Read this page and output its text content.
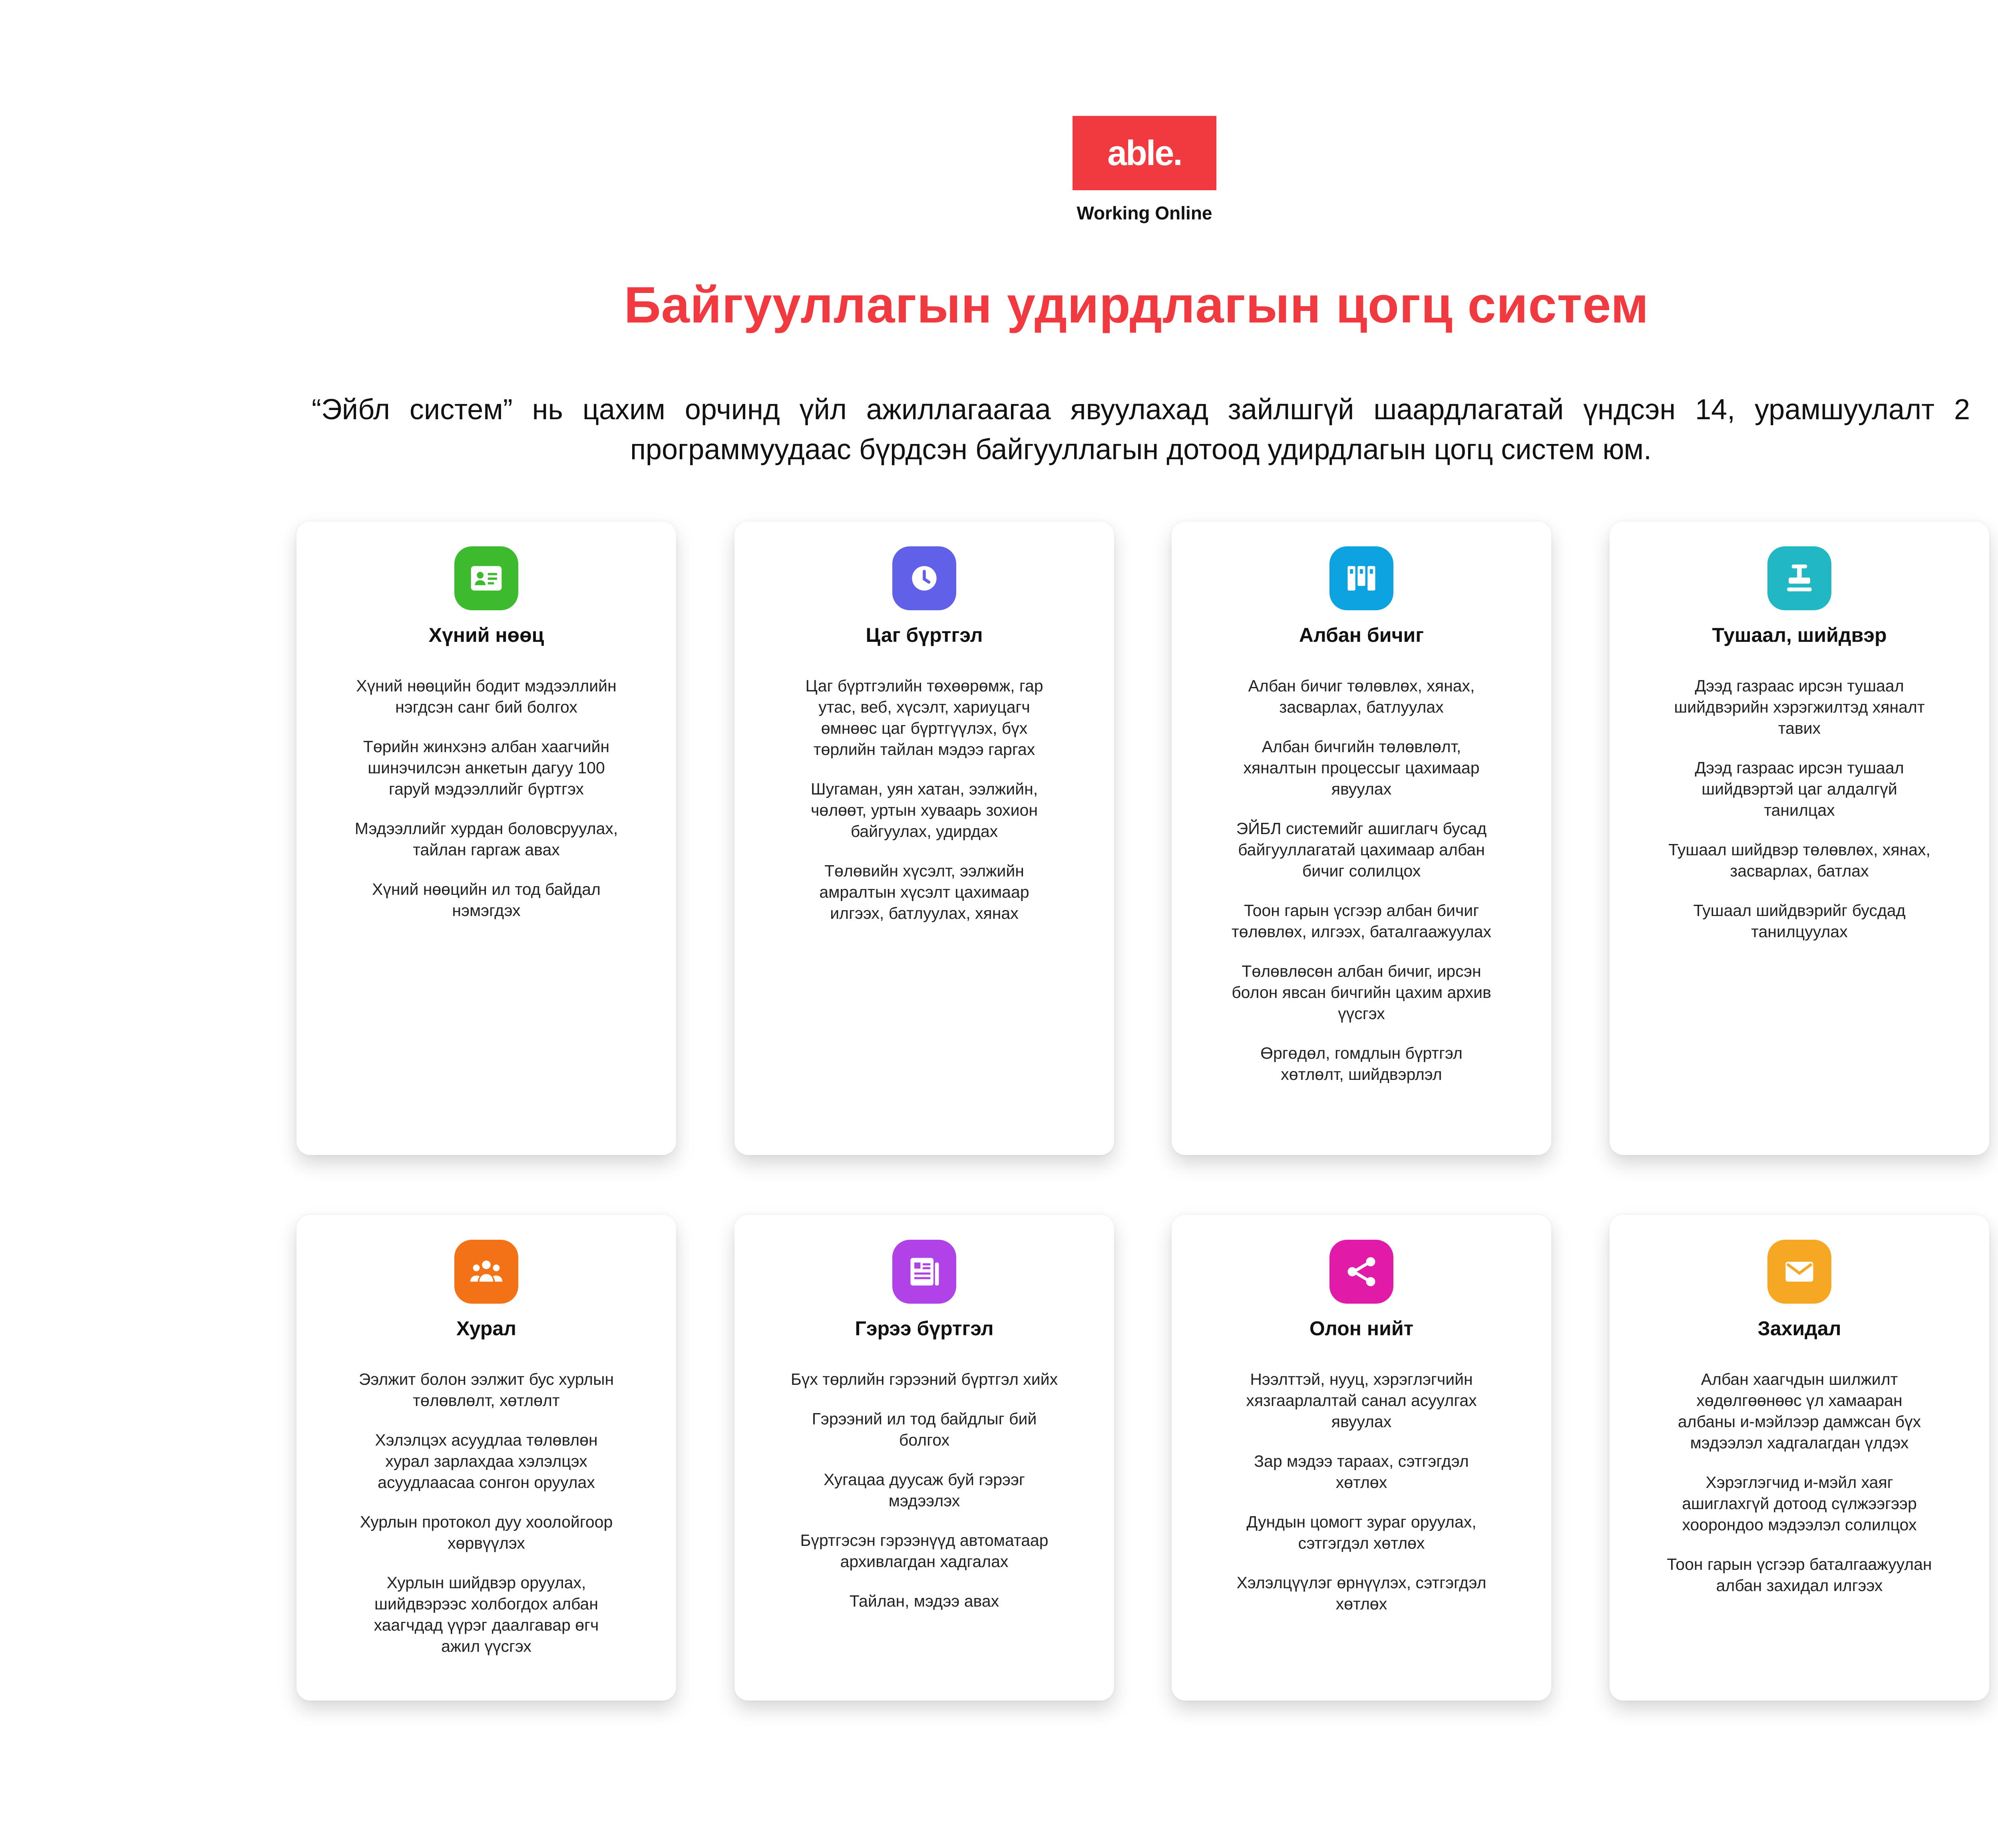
able.
Working Online
Байгууллагын удирдлагын цогц систем
“Эйбл систем” нь цахим орчинд үйл ажиллагаагаа явуулахад зайлшгүй шаардлагатай үндсэн 14, урамшуулалт 2 программуудаас бүрдсэн байгууллагын дотоод удирдлагын цогц систем юм.
Хүний нөөц
Хүний нөөцийн бодит мэдээллийн нэгдсэн санг бий болгох
Төрийн жинхэнэ албан хаагчийн шинэчилсэн анкетын дагуу 100 гаруй мэдээллийг бүртгэх
Мэдээллийг хурдан боловсруулах, тайлан гаргаж авах
Хүний нөөцийн ил тод байдал нэмэгдэх
Цаг бүртгэл
Цаг бүртгэлийн төхөөрөмж, гар утас, веб, хүсэлт, хариуцагч өмнөөс цаг бүртгүүлэх, бүх төрлийн тайлан мэдээ гаргах
Шугаман, уян хатан, ээлжийн, чөлөөт, уртын хуваарь зохион байгуулах, удирдах
Төлөвийн хүсэлт, ээлжийн амралтын хүсэлт цахимаар илгээх, батлуулах, хянах
Албан бичиг
Албан бичиг төлөвлөх, хянах, засварлах, батлуулах
Албан бичгийн төлөвлөлт, хяналтын процессыг цахимаар явуулах
ЭЙБЛ системийг ашиглагч бусад байгууллагатай цахимаар албан бичиг солилцох
Тоон гарын үсгээр албан бичиг төлөвлөх, илгээх, баталгаажуулах
Төлөвлөсөн албан бичиг, ирсэн болон явсан бичгийн цахим архив үүсгэх
Өргөдөл, гомдлын бүртгэл хөтлөлт, шийдвэрлэл
Тушаал, шийдвэр
Дээд газраас ирсэн тушаал шийдвэрийн хэрэгжилтэд хяналт тавих
Дээд газраас ирсэн тушаал шийдвэртэй цаг алдалгүй танилцах
Тушаал шийдвэр төлөвлөх, хянах, засварлах, батлах
Тушаал шийдвэрийг бусдад танилцуулах
Хурал
Ээлжит болон ээлжит бус хурлын төлөвлөлт, хөтлөлт
Хэлэлцэх асуудлаа төлөвлөн хурал зарлахдаа хэлэлцэх асуудлаасаа сонгон оруулах
Хурлын протокол дуу хоолойгоор хөрвүүлэх
Хурлын шийдвэр оруулах, шийдвэрээс холбогдох албан хаагчдад үүрэг даалгавар өгч ажил үүсгэх
Гэрээ бүртгэл
Бүх төрлийн гэрээний бүртгэл хийх
Гэрээний ил тод байдлыг бий болгох
Хугацаа дуусаж буй гэрээг мэдээлэх
Бүртгэсэн гэрээнүүд автоматаар архивлагдан хадгалах
Тайлан, мэдээ авах
Олон нийт
Нээлттэй, нууц, хэрэглэгчийн хязгаарлалтай санал асуулгах явуулах
Зар мэдээ тараах, сэтгэгдэл хөтлөх
Дундын цомогт зураг оруулах, сэтгэгдэл хөтлөх
Хэлэлцүүлэг өрнүүлэх, сэтгэгдэл хөтлөх
Захидал
Албан хаагчдын шилжилт хөдөлгөөнөөс үл хамааран албаны и-мэйлээр дамжсан бүх мэдээлэл хадгалагдан үлдэх
Хэрэглэгчид и-мэйл хаяг ашиглахгүй дотоод сүлжээгээр хоорондоо мэдээлэл солилцох
Тоон гарын үсгээр баталгаажуулан албан захидал илгээх
